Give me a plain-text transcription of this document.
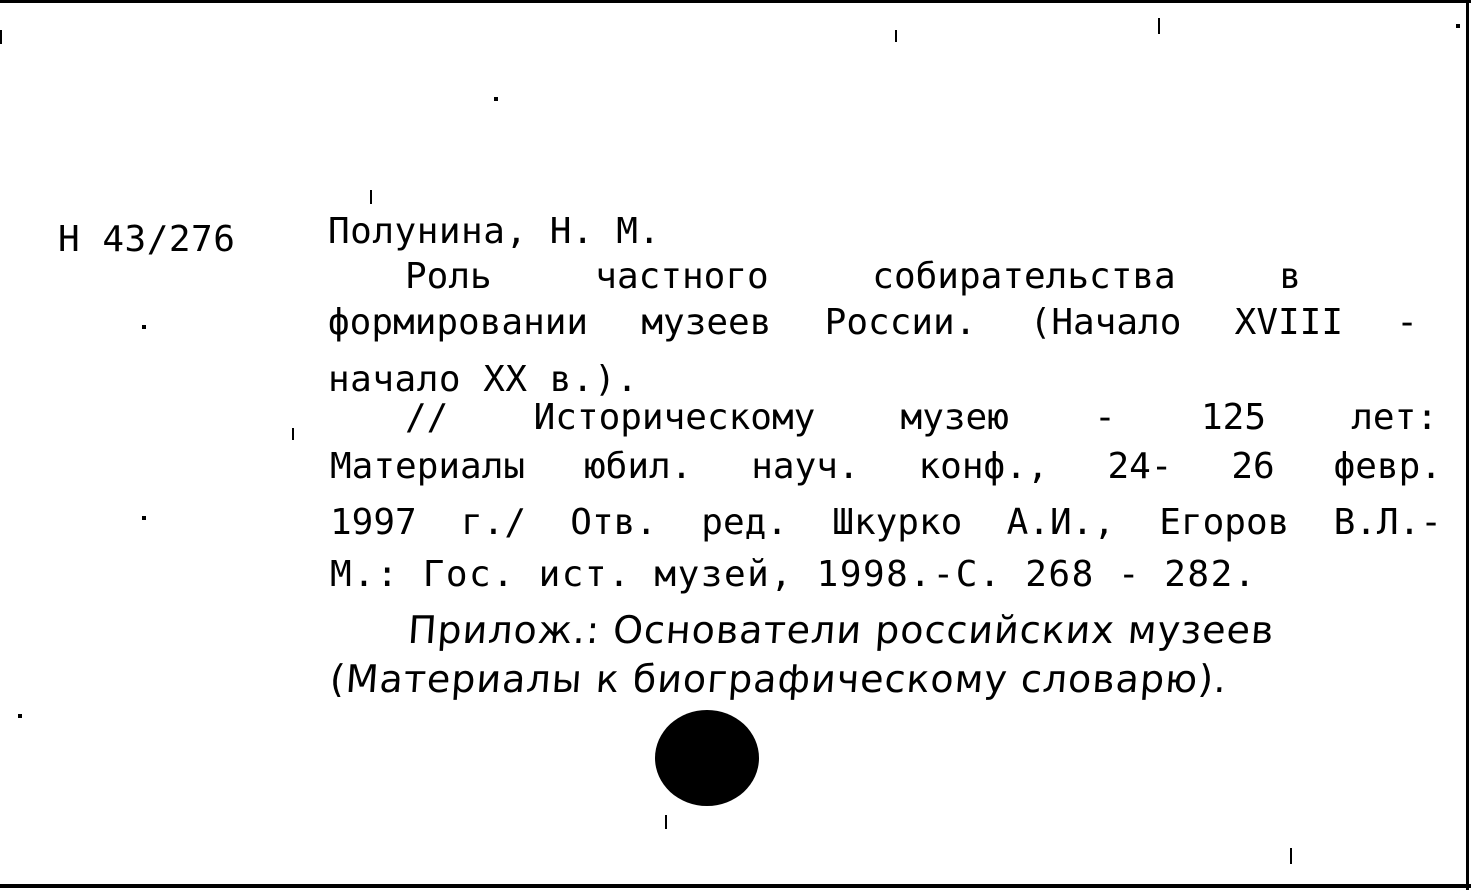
Н 43/276	Полунина, Н. М.
Роль	частного	собирательства	в
формировании музеев России. (Начало XVIII -
начало XX в.).
// Историческому музею - 125 лет:
Материалы юбил. науч. конф., 24- 26 февр.
1997 г./ Отв. ред. Шкурко А.И., Егоров В.Л.-
М.: Гос. ист. музей, 1998.-С. 268 - 282.
Прилож.: Основатели российских музеев
(Материалы к биографическому словарю).
